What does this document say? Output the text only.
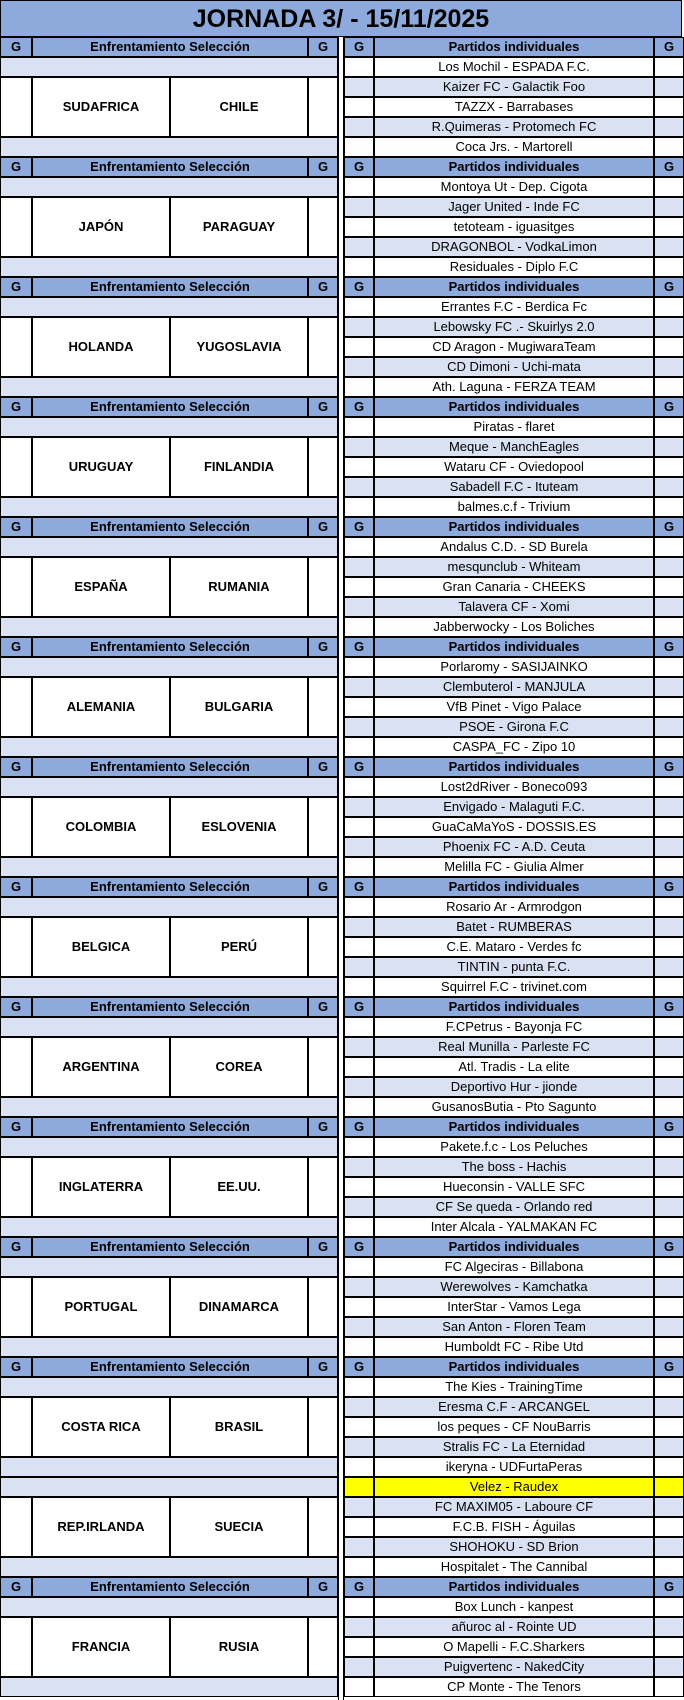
JORNADA 3/ - 15/11/2025
G	Enfrentamiento Selección	G	G	Partidos individuales	G
SUDAFRICA	CHILE
Los Mochil - ESPADA F.C.
Kaizer FC - Galactik Foo
TAZZX - Barrabases
R.Quimeras - Protomech FC
Coca Jrs. - Martorell
G	Enfrentamiento Selección	G	G	Partidos individuales	G
JAPÓN	PARAGUAY
Montoya Ut - Dep. Cigota
Jager United - Inde FC
tetoteam - iguasitges
DRAGONBOL - VodkaLimon
Residuales - Diplo F.C
G	Enfrentamiento Selección	G	G	Partidos individuales	G
HOLANDA	YUGOSLAVIA
Errantes F.C - Berdica Fc
Lebowsky FC .- Skuirlys 2.0
CD Aragon - MugiwaraTeam
CD Dimoni - Uchi-mata
Ath. Laguna - FERZA TEAM
G	Enfrentamiento Selección	G	G	Partidos individuales	G
URUGUAY	FINLANDIA
Piratas - flaret
Meque - ManchEagles
Wataru CF - Oviedopool
Sabadell F.C - Ituteam
balmes.c.f - Trivium
G	Enfrentamiento Selección	G	G	Partidos individuales	G
ESPAÑA	RUMANIA
Andalus C.D. - SD Burela
mesqunclub - Whiteam
Gran Canaria - CHEEKS
Talavera CF - Xomi
Jabberwocky - Los Boliches
G	Enfrentamiento Selección	G	G	Partidos individuales	G
ALEMANIA	BULGARIA
Porlaromy - SASIJAINKO
Clembuterol - MANJULA
VfB Pinet - Vigo Palace
PSOE - Girona F.C
CASPA_FC - Zipo 10
G	Enfrentamiento Selección	G	G	Partidos individuales	G
COLOMBIA	ESLOVENIA
Lost2dRiver - Boneco093
Envigado - Malaguti F.C.
GuaCaMaYoS - DOSSIS.ES
Phoenix FC - A.D. Ceuta
Melilla FC - Giulia Almer
G	Enfrentamiento Selección	G	G	Partidos individuales	G
BELGICA	PERÚ
Rosario Ar - Armrodgon
Batet - RUMBERAS
C.E. Mataro - Verdes fc
TINTIN - punta F.C.
Squirrel F.C - trivinet.com
G	Enfrentamiento Selección	G	G	Partidos individuales	G
ARGENTINA	COREA
F.CPetrus - Bayonja FC
Real Munilla - Parleste FC
Atl. Tradis - La elite
Deportivo Hur - jionde
GusanosButia - Pto Sagunto
G	Enfrentamiento Selección	G	G	Partidos individuales	G
INGLATERRA	EE.UU.
Pakete.f.c - Los Peluches
The boss - Hachis
Hueconsin - VALLE SFC
CF Se queda - Orlando red
Inter Alcala - YALMAKAN FC
G	Enfrentamiento Selección	G	G	Partidos individuales	G
PORTUGAL	DINAMARCA
FC Algeciras - Billabona
Werewolves - Kamchatka
InterStar - Vamos Lega
San Anton - Floren Team
Humboldt FC - Ribe Utd
G	Enfrentamiento Selección	G	G	Partidos individuales	G
COSTA RICA	BRASIL
The Kies - TrainingTime
Eresma C.F - ARCANGEL
los peques - CF NouBarris
Stralis FC - La Eternidad
ikeryna - UDFurtaPeras
REP.IRLANDA	SUECIA
Velez - Raudex
FC MAXIM05 - Laboure CF
F.C.B. FISH - Águilas
SHOHOKU - SD Brion
Hospitalet - The Cannibal
G	Enfrentamiento Selección	G	G	Partidos individuales	G
FRANCIA	RUSIA
Box Lunch - kanpest
añuroc al - Rointe UD
O Mapelli - F.C.Sharkers
Puigvertenc - NakedCity
CP Monte - The Tenors
